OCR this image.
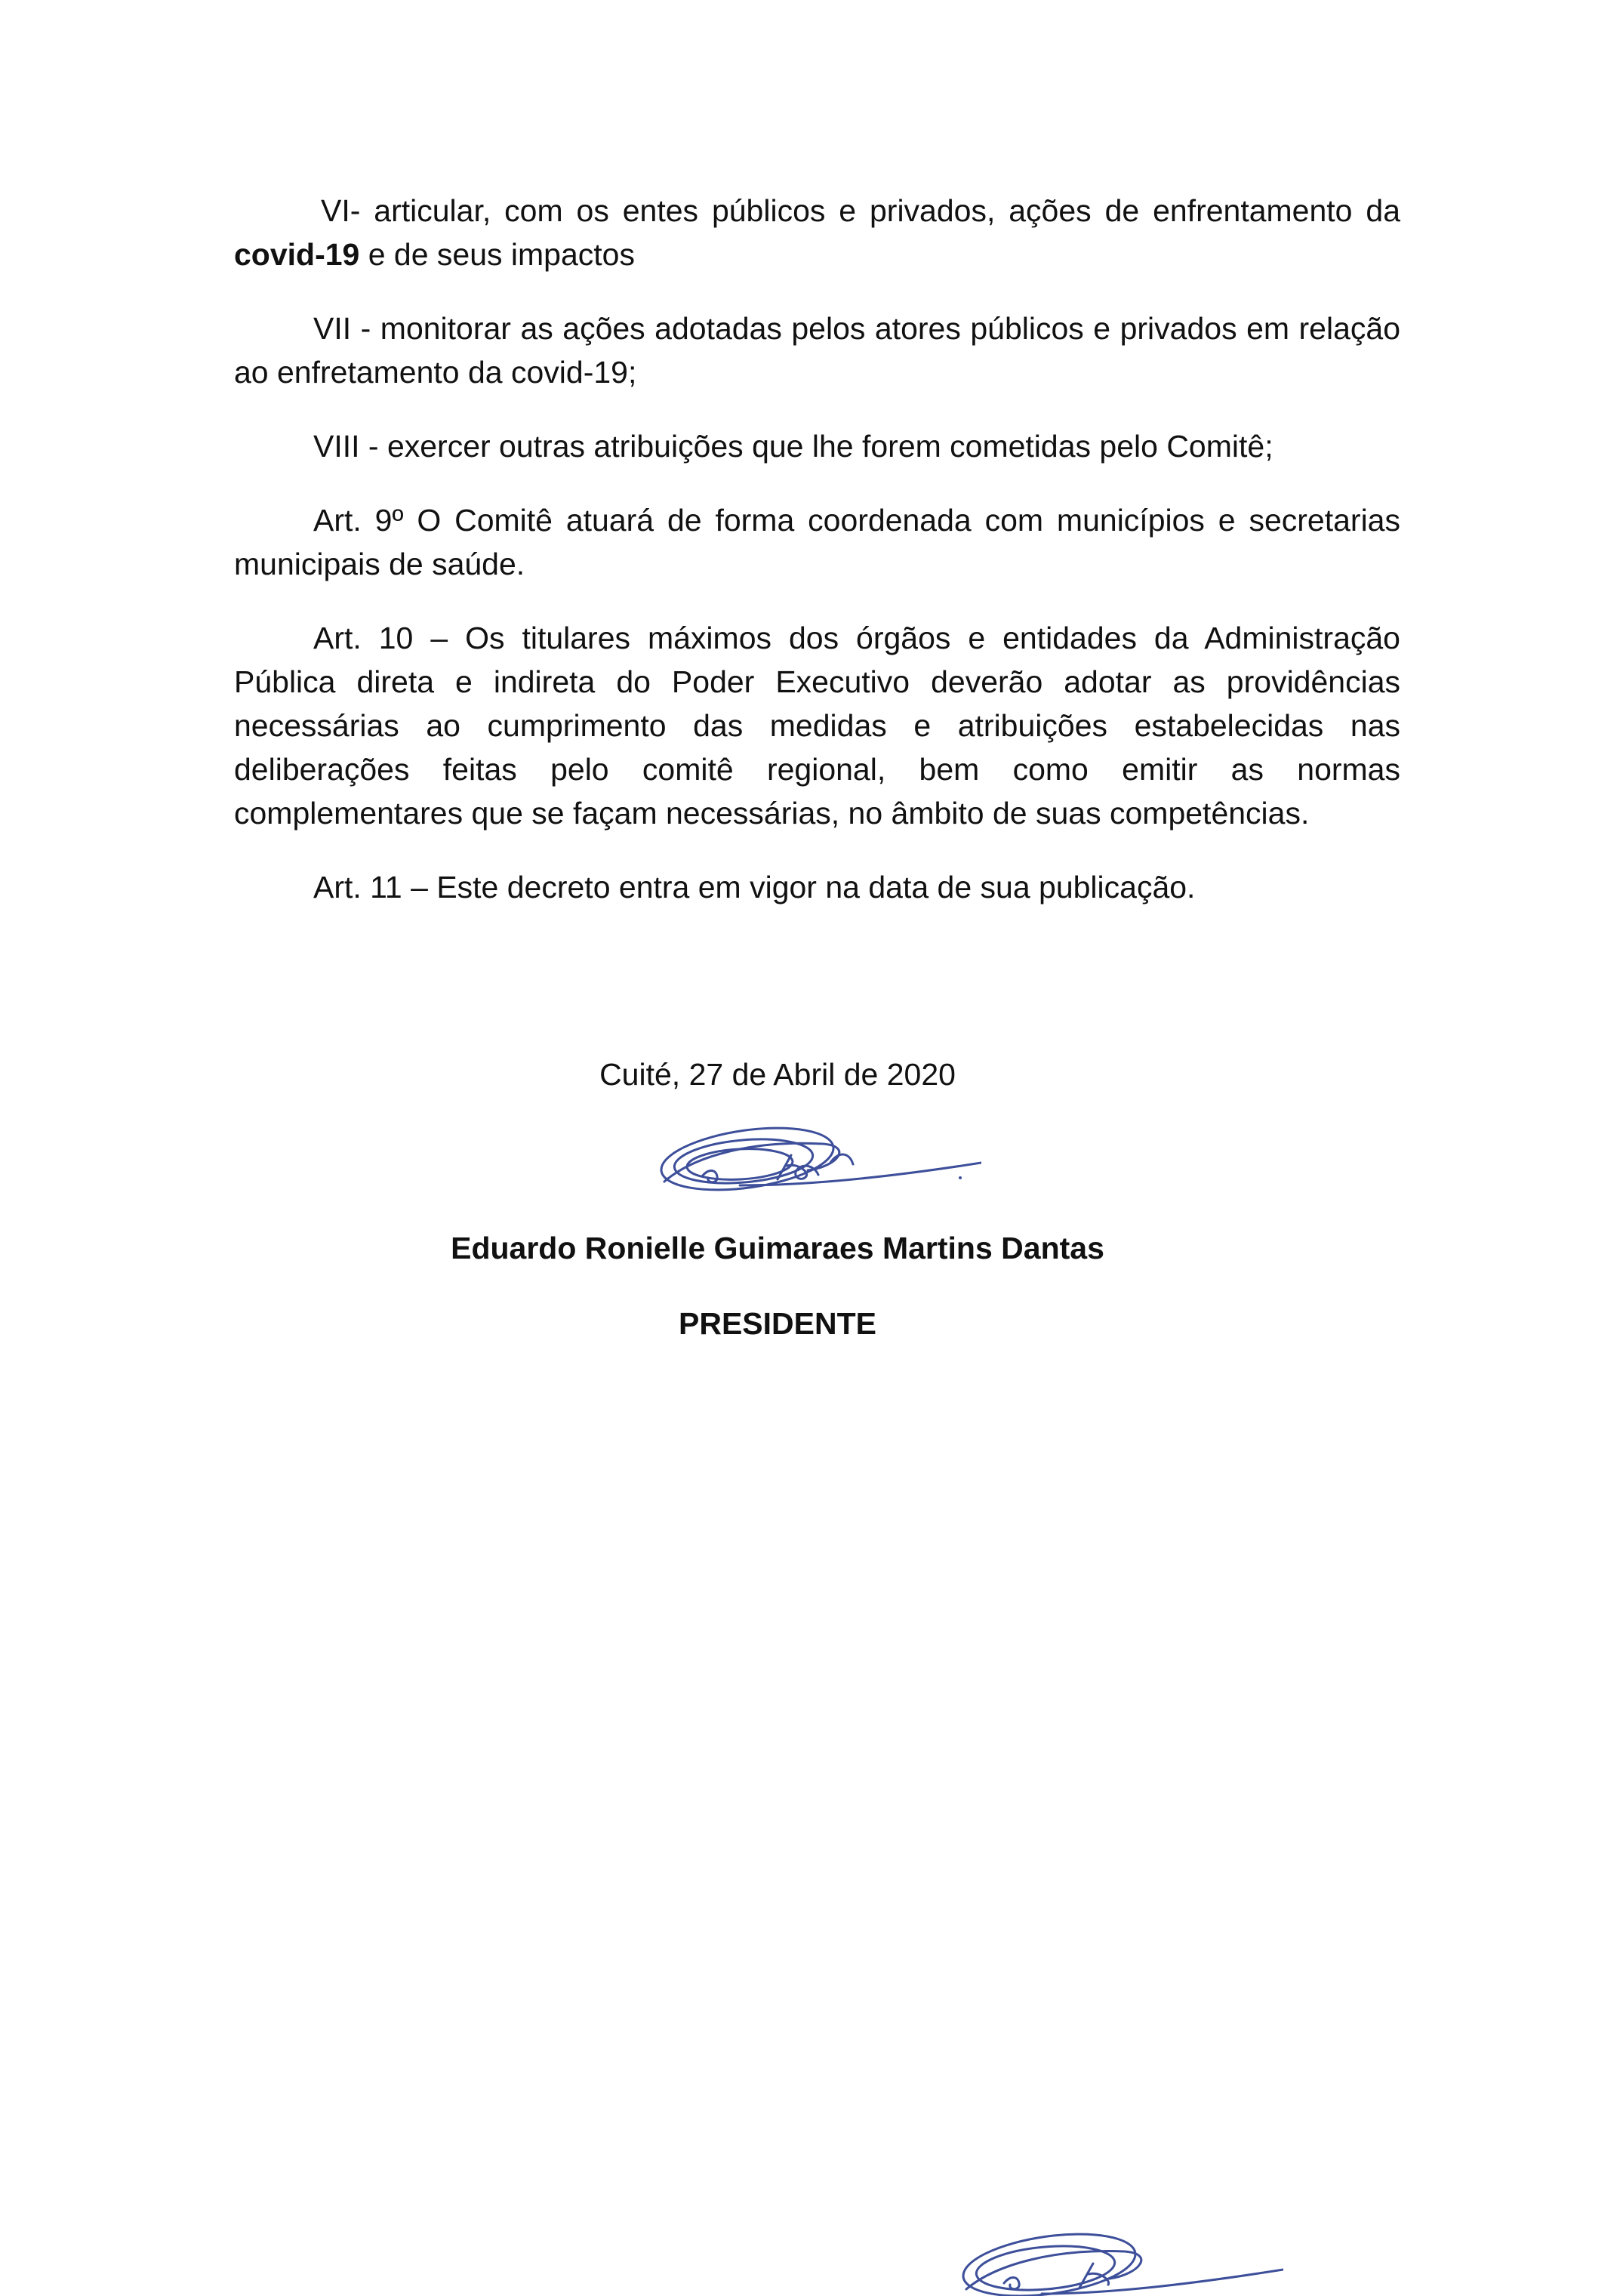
VI- articular, com os entes públicos e privados, ações de enfrentamento da covid-19 e de seus impactos

VII - monitorar as ações adotadas pelos atores públicos e privados em relação ao enfretamento da covid-19;

VIII - exercer outras atribuições que lhe forem cometidas pelo Comitê;

Art. 9º O Comitê atuará de forma coordenada com municípios e secretarias municipais de saúde.

Art. 10 – Os titulares máximos dos órgãos e entidades da Administração Pública direta e indireta do Poder Executivo deverão adotar as providências necessárias ao cumprimento das medidas e atribuições estabelecidas nas deliberações feitas pelo comitê regional, bem como emitir as normas complementares que se façam necessárias, no âmbito de suas competências.

Art. 11 – Este decreto entra em vigor na data de sua publicação.

Cuité, 27 de Abril de 2020
Eduardo Ronielle Guimaraes Martins Dantas
PRESIDENTE
